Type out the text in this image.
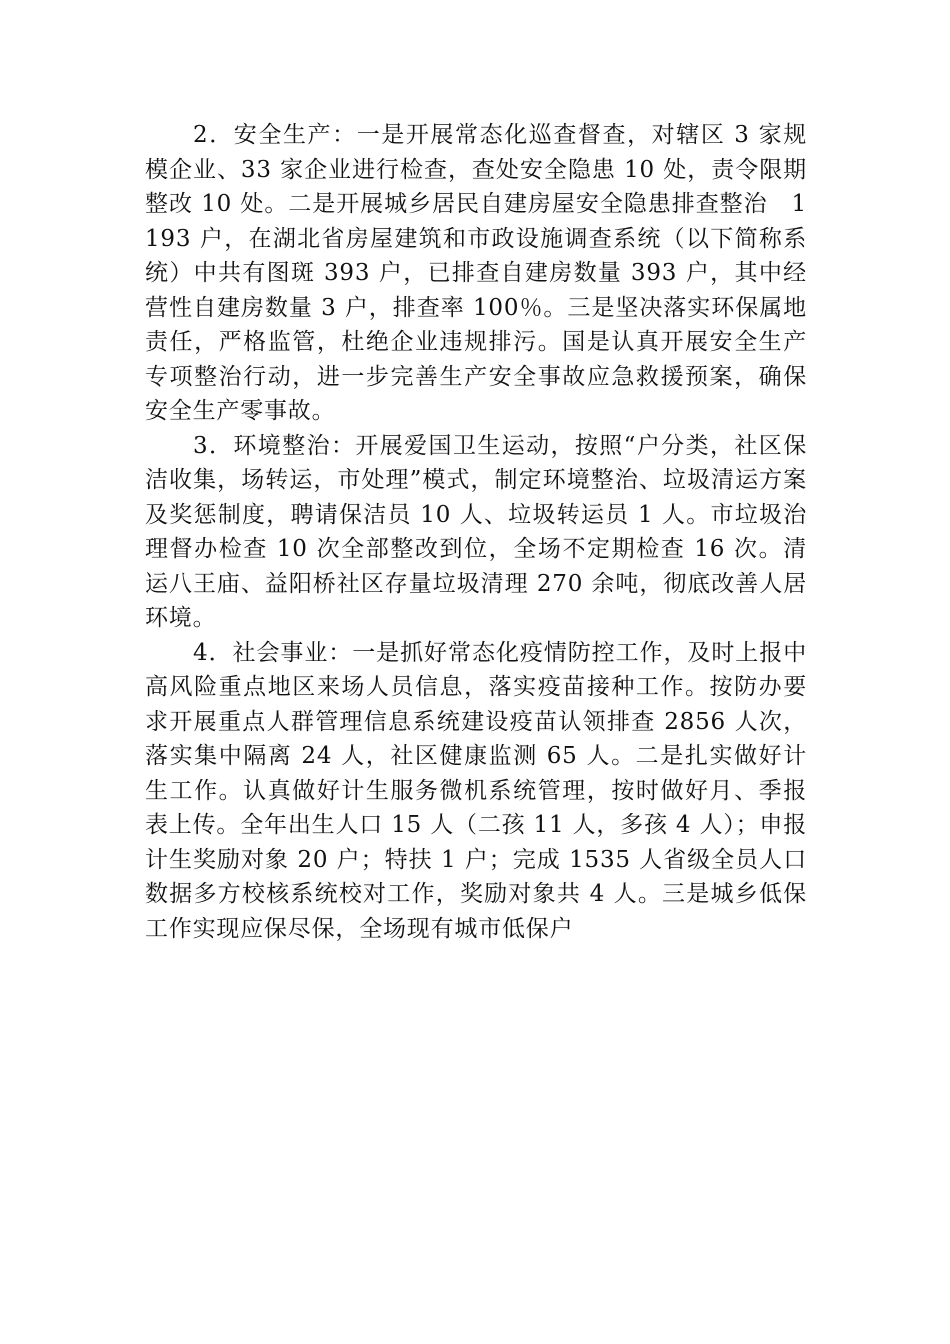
2．安全生产：一是开展常态化巡查督查，对辖区 3 家规模企业、33 家企业进行检查，查处安全隐患 10 处，责令限期整改 10 处。二是开展城乡居民自建房屋安全隐患排查整治　1193 户，在湖北省房屋建筑和市政设施调查系统（以下简称系统）中共有图斑 393 户，已排查自建房数量 393 户，其中经营性自建房数量 3 户，排查率 100％。三是坚决落实环保属地责任，严格监管，杜绝企业违规排污。国是认真开展安全生产专项整治行动，进一步完善生产安全事故应急救援预案，确保安全生产零事故。

3．环境整治：开展爱国卫生运动，按照“户分类，社区保洁收集，场转运，市处理”模式，制定环境整治、垃圾清运方案及奖惩制度，聘请保洁员 10 人、垃圾转运员 1 人。市垃圾治理督办检查 10 次全部整改到位，全场不定期检查 16 次。清运八王庙、益阳桥社区存量垃圾清理 270 余吨，彻底改善人居环境。

4．社会事业：一是抓好常态化疫情防控工作，及时上报中高风险重点地区来场人员信息，落实疫苗接种工作。按防办要求开展重点人群管理信息系统建设疫苗认领排查 2856 人次，落实集中隔离 24 人，社区健康监测 65 人。二是扎实做好计生工作。认真做好计生服务微机系统管理，按时做好月、季报表上传。全年出生人口 15 人（二孩 11 人，多孩 4 人）；申报计生奖励对象 20 户；特扶 1 户；完成 1535 人省级全员人口数据多方校核系统校对工作，奖励对象共 4 人。三是城乡低保工作实现应保尽保，全场现有城市低保户
